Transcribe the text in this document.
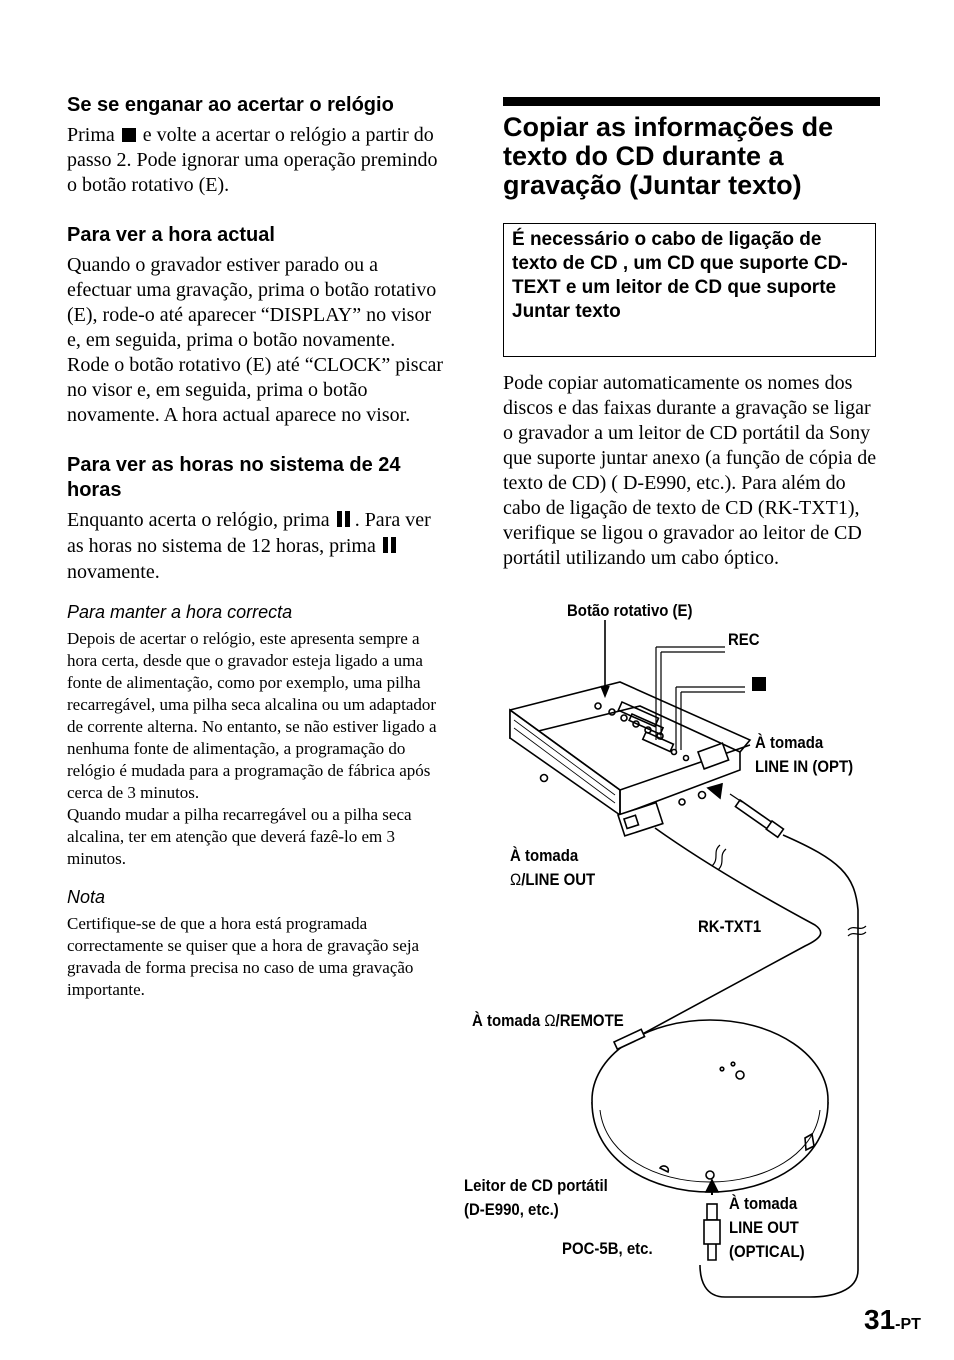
Se se enganar ao acertar o relógio

Prima e volte a acertar o relógio a partir do passo 2. Pode ignorar uma operação premindo o botão rotativo (E).

Para ver a hora actual

Quando o gravador estiver parado ou a efectuar uma gravação, prima o botão rotativo (E), rode-o até aparecer “DISPLAY” no visor e, em seguida, prima o botão novamente.

Rode o botão rotativo (E) até “CLOCK” piscar no visor e, em seguida, prima o botão novamente. A hora actual aparece no visor.

Para ver as horas no sistema de 24 horas

Enquanto acerta o relógio, prima . Para ver as horas no sistema de 12 horas, prima  novamente.

Para manter a hora correcta

Depois de acertar o relógio, este apresenta sempre a hora certa, desde que o gravador esteja ligado a uma fonte de alimentação, como por exemplo, uma pilha recarregável, uma pilha seca alcalina ou um adaptador de corrente alterna. No entanto, se não estiver ligado a nenhuma fonte de alimentação, a programação do relógio é mudada para a programação de fábrica após cerca de 3 minutos.

Quando mudar a pilha recarregável ou a pilha seca alcalina, ter em atenção que deverá fazê-lo em 3 minutos.

Nota

Certifique-se de que a hora está programada correctamente se quiser que a hora de gravação seja gravada de forma precisa no caso de uma gravação importante.

Copiar as informações de texto do CD durante a gravação (Juntar texto)

É necessário o cabo de ligação de texto de CD , um CD que suporte CD-TEXT e um leitor de CD que suporte Juntar texto

Pode copiar automaticamente os nomes dos discos e das faixas durante a gravação se ligar o gravador a um leitor de CD portátil da Sony que suporte juntar anexo (a função de cópia de texto de CD) ( D-E990, etc.). Para além do cabo de ligação de texto de CD (RK-TXT1), verifique se ligou o gravador ao leitor de CD portátil utilizando um cabo óptico.

Botão rotativo (E)
REC
À tomada
LINE IN (OPT)
À tomada
Ω/LINE OUT
RK-TXT1
À tomada Ω/REMOTE
Leitor de CD portátil
(D-E990, etc.)	À tomada
LINE OUT
(OPTICAL)
POC-5B, etc.
31-PT
